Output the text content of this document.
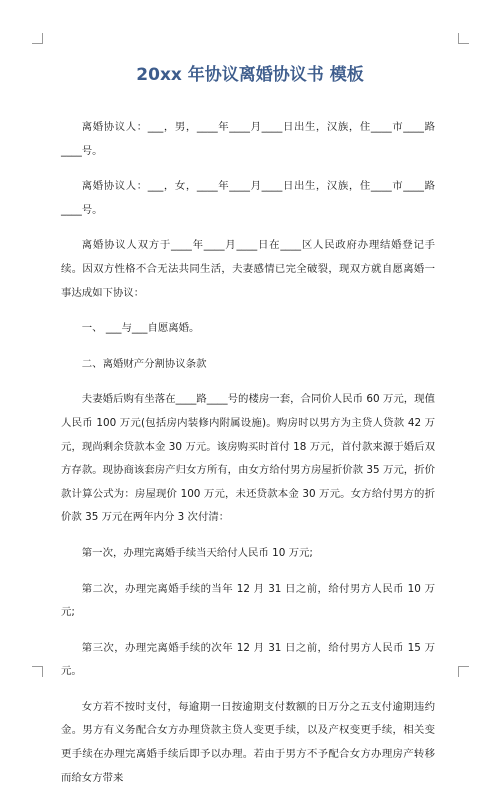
20xx 年协议离婚协议书 模板

离婚协议人：___，男，____年____月____日出生，汉族，住____市____路____号。

离婚协议人：___，女，____年____月____日出生，汉族，住____市____路____号。

离婚协议人双方于____年____月____日在____区人民政府办理结婚登记手续。因双方性格不合无法共同生活，夫妻感情已完全破裂，现双方就自愿离婚一事达成如下协议：

一、 ___与___自愿离婚。

二、离婚财产分割协议条款

夫妻婚后购有坐落在____路____号的楼房一套，合同价人民币 60 万元，现值人民币 100 万元(包括房内装修内附属设施)。购房时以男方为主贷人贷款 42 万元，现尚剩余贷款本金 30 万元。该房购买时首付 18 万元，首付款来源于婚后双方存款。现协商该套房产归女方所有，由女方给付男方房屋折价款 35 万元，折价款计算公式为：房屋现价 100 万元，未还贷款本金 30 万元。女方给付男方的折价款 35 万元在两年内分 3 次付清：

第一次，办理完离婚手续当天给付人民币 10 万元;

第二次，办理完离婚手续的当年 12 月 31 日之前，给付男方人民币 10 万元;

第三次，办理完离婚手续的次年 12 月 31 日之前，给付男方人民币 15 万元。

女方若不按时支付，每逾期一日按逾期支付数额的日万分之五支付逾期违约金。男方有义务配合女方办理贷款主贷人变更手续，以及产权变更手续，相关变更手续在办理完离婚手续后即予以办理。若由于男方不予配合女方办理房产转移而给女方带来
